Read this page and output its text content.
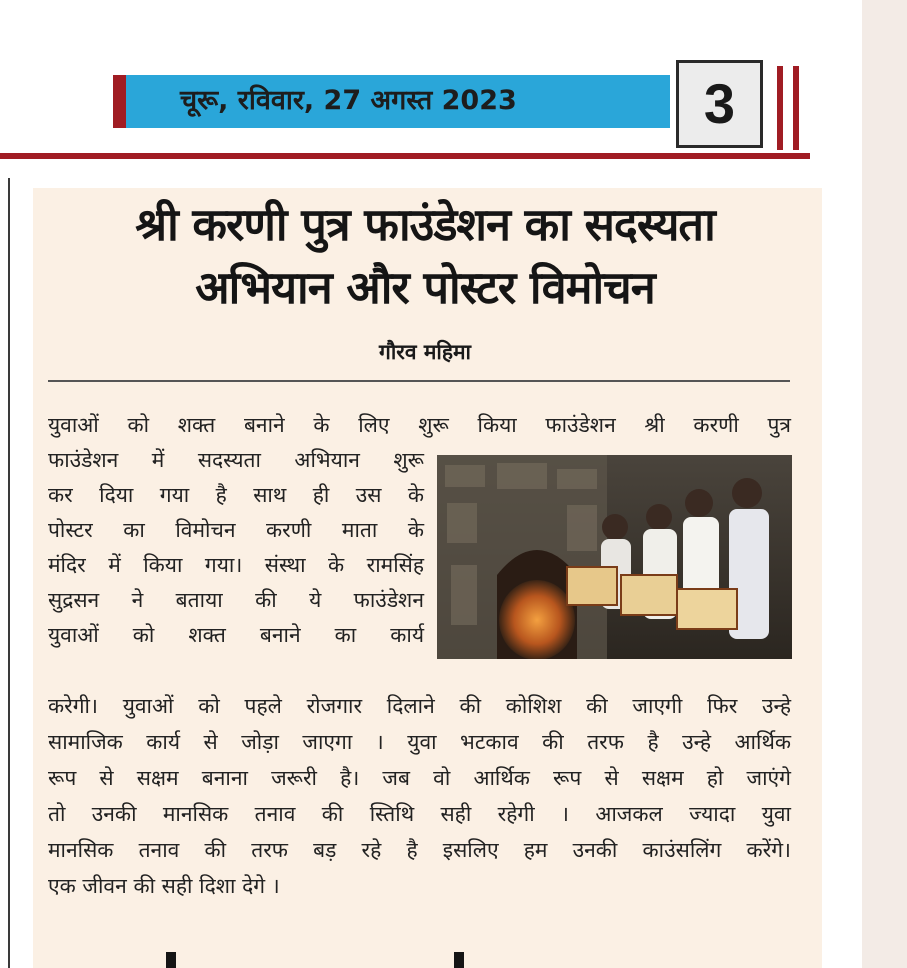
चूरू, रविवार, 27 अगस्त 2023	3
श्री करणी पुत्र फाउंडेशन का सदस्यता
अभियान और पोस्टर विमोचन
गौरव महिमा
युवाओं को शक्त बनाने के लिए शुरू किया फाउंडेशन श्री करणी पुत्र
फाउंडेशन में सदस्यता अभियान शुरू
कर दिया गया है साथ ही उस के
पोस्टर का विमोचन करणी माता के
मंदिर में किया गया। संस्था के रामसिंह
सुद्रसन ने बताया की ये फाउंडेशन
युवाओं को शक्त बनाने का कार्य
करेगी। युवाओं को पहले रोजगार दिलाने की कोशिश की जाएगी फिर उन्हे
सामाजिक कार्य से जोड़ा जाएगा । युवा भटकाव की तरफ है उन्हे आर्थिक
रूप से सक्षम बनाना जरूरी है। जब वो आर्थिक रूप से सक्षम हो जाएंगे
तो उनकी मानसिक तनाव की स्तिथि सही रहेगी । आजकल ज्यादा युवा
मानसिक तनाव की तरफ बड़ रहे है इसलिए हम उनकी काउंसलिंग करेंगे।
एक जीवन की सही दिशा देगे ।
